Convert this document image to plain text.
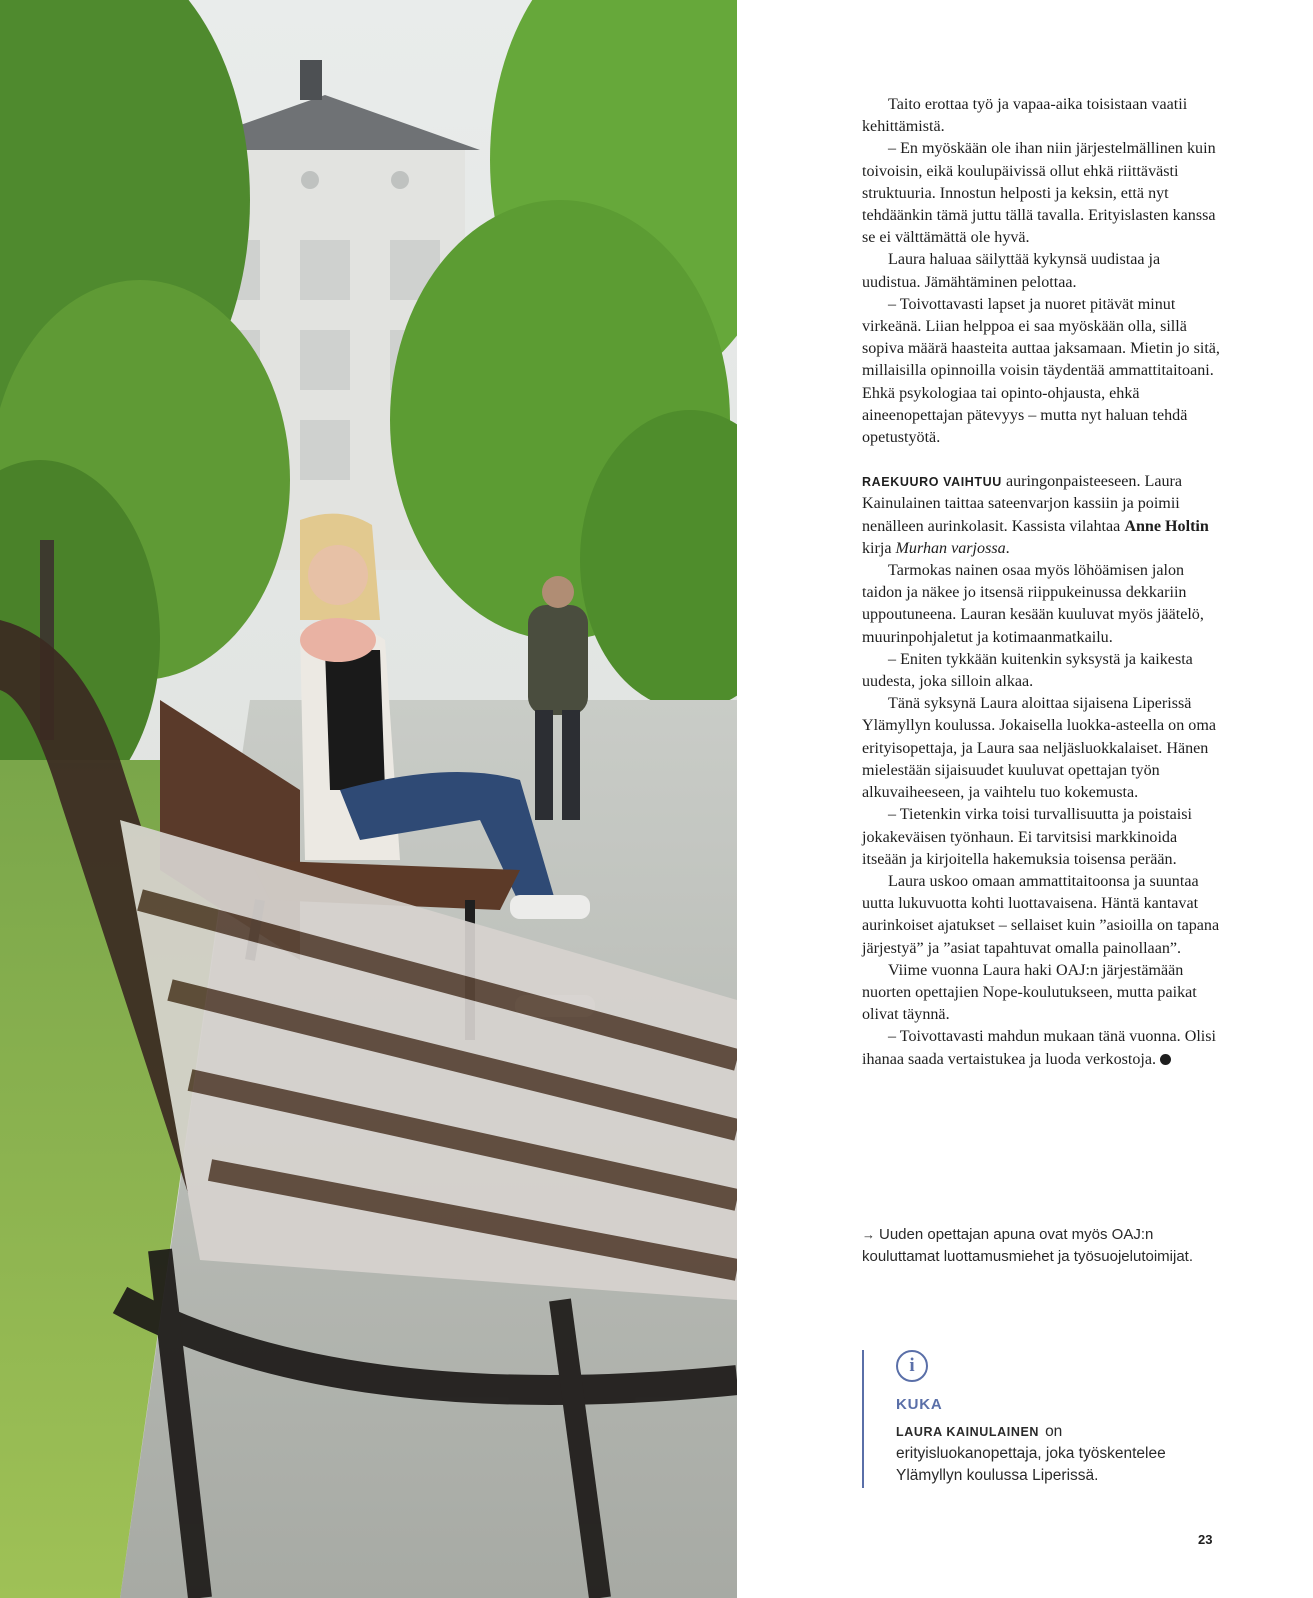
Taito erottaa työ ja vapaa-aika toisistaan vaatii kehittämistä.

– En myöskään ole ihan niin järjestelmällinen kuin toivoisin, eikä koulupäivissä ollut ehkä riittävästi struktuuria. Innostun helposti ja keksin, että nyt tehdäänkin tämä juttu tällä tavalla. Erityislasten kanssa se ei välttämättä ole hyvä.

Laura haluaa säilyttää kykynsä uudistaa ja uudistua. Jämähtäminen pelottaa.

– Toivottavasti lapset ja nuoret pitävät minut virkeänä. Liian helppoa ei saa myöskään olla, sillä sopiva määrä haasteita auttaa jaksamaan. Mietin jo sitä, millaisilla opinnoilla voisin täydentää ammattitaitoani. Ehkä psykologiaa tai opinto-ohjausta, ehkä aineenopettajan pätevyys – mutta nyt haluan tehdä opetustyötä.

RAEKUURO VAIHTUU auringonpaisteeseen. Laura Kainulainen taittaa sateenvarjon kassiin ja poimii nenälleen aurinkolasit. Kassista vilahtaa Anne Holtin kirja Murhan varjossa.

Tarmokas nainen osaa myös löhöämisen jalon taidon ja näkee jo itsensä riippukeinussa dekkariin uppoutuneena. Lauran kesään kuuluvat myös jäätelö, muurinpohjaletut ja kotimaanmatkailu.

– Eniten tykkään kuitenkin syksystä ja kaikesta uudesta, joka silloin alkaa.

Tänä syksynä Laura aloittaa sijaisena Liperissä Ylämyllyn koulussa. Jokaisella luokka-asteella on oma erityisopettaja, ja Laura saa neljäsluokkalaiset. Hänen mielestään sijaisuudet kuuluvat opettajan työn alkuvaiheeseen, ja vaihtelu tuo kokemusta.

– Tietenkin virka toisi turvallisuutta ja poistaisi jokakeväisen työnhaun. Ei tarvitsisi markkinoida itseään ja kirjoitella hakemuksia toisensa perään.

Laura uskoo omaan ammattitaitoonsa ja suuntaa uutta lukuvuotta kohti luottavaisena. Häntä kantavat aurinkoiset ajatukset – sellaiset kuin ”asioilla on tapana järjestyä” ja ”asiat tapahtuvat omalla painollaan”.

Viime vuonna Laura haki OAJ:n järjestämään nuorten opettajien Nope-koulutukseen, mutta paikat olivat täynnä.

– Toivottavasti mahdun mukaan tänä vuonna. Olisi ihanaa saada vertaistukea ja luoda verkostoja.

→ Uuden opettajan apuna ovat myös OAJ:n kouluttamat luottamusmiehet ja työsuojelutoimijat.
i
KUKA
LAURA KAINULAINEN on erityisluokanopettaja, joka työskentelee Ylämyllyn koulussa Liperissä.
23
